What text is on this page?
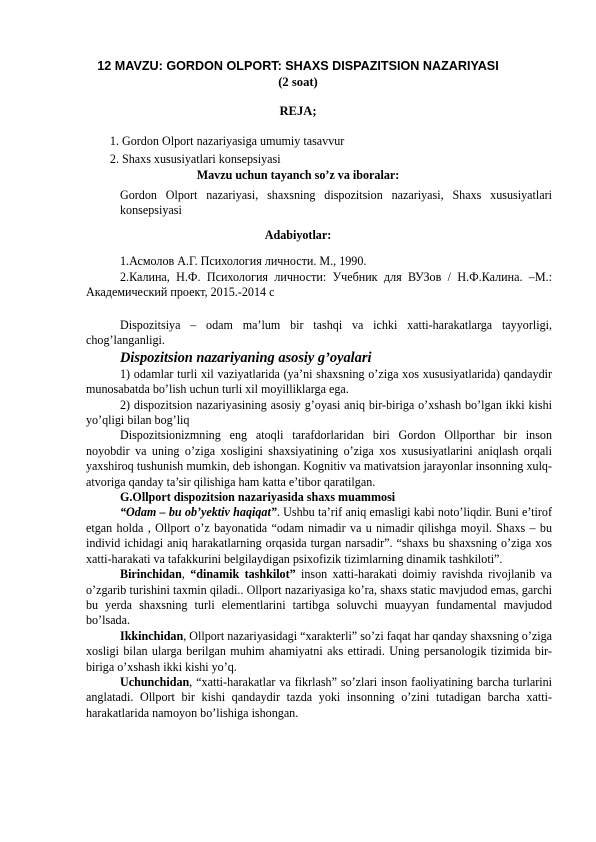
12 MAVZU: GORDON OLPORT: SHAXS DISPAZITSION NAZARIYASI
(2 soat)
REJA;
1. Gordon Olport nazariyasiga umumiy tasavvur
2. Shaxs xususiyatlari konsepsiyasi
Mavzu uchun tayanch so’z va iboralar:
Gordon Olport nazariyasi, shaxsning dispozitsion nazariyasi, Shaxs xususiyatlari konsepsiyasi
Adabiyotlar:

1.Асмолов А.Г. Психология личности. М., 1990.

2.Калина, Н.Ф. Психология личности: Учебник для ВУЗов / Н.Ф.Калина. –М.: Академический проект, 2015.-2014 с

Dispozitsiya – odam ma’lum bir tashqi va ichki xatti-harakatlarga tayyorligi, chog’langanligi.

Dispozitsion nazariyaning asosiy g’oyalari

1) odamlar turli xil vaziyatlarida (ya’ni shaxsning o’ziga xos xususiyatlarida) qandaydir munosabatda bo’lish uchun turli xil moyilliklarga ega.

2) dispozitsion nazariyasining asosiy g’oyasi aniq bir-biriga o’xshash bo’lgan ikki kishi yo’qligi bilan bog’liq

Dispozitsionizmning eng atoqli tarafdorlaridan biri Gordon Ollporthar bir inson noyobdir va uning o’ziga xosligini shaxsiyatining o’ziga xos xususiyatlarini aniqlash orqali yaxshiroq tushunish mumkin, deb ishongan. Kognitiv va mativatsion jarayonlar insonning xulq-atvoriga qanday ta’sir qilishiga ham katta e’tibor qaratilgan.

G.Ollport dispozitsion nazariyasida shaxs muammosi

“Odam – bu ob’yektiv haqiqat”. Ushbu ta’rif aniq emasligi kabi noto’liqdir. Buni e’tirof etgan holda , Ollport o’z bayonatida “odam nimadir va u nimadir qilishga moyil. Shaxs – bu individ ichidagi aniq harakatlarning orqasida turgan narsadir”. “shaxs bu shaxsning o’ziga xos xatti-harakati va tafakkurini belgilaydigan psixofizik tizimlarning dinamik tashkiloti”.

Birinchidan, “dinamik tashkilot” inson xatti-harakati doimiy ravishda rivojlanib va o’zgarib turishini taxmin qiladi.. Ollport nazariyasiga ko’ra, shaxs static mavjudod emas, garchi bu yerda shaxsning turli elementlarini tartibga soluvchi muayyan fundamental mavjudod bo’lsada.

Ikkinchidan, Ollport nazariyasidagi “xarakterli” so’zi faqat har qanday shaxsning o’ziga xosligi bilan ularga berilgan muhim ahamiyatni aks ettiradi. Uning persanologik tizimida bir-biriga o’xshash ikki kishi yo’q.

Uchunchidan, “xatti-harakatlar va fikrlash” so’zlari inson faoliyatining barcha turlarini anglatadi. Ollport bir kishi qandaydir tazda yoki insonning o’zini tutadigan barcha xatti-harakatlarida namoyon bo’lishiga ishongan.
